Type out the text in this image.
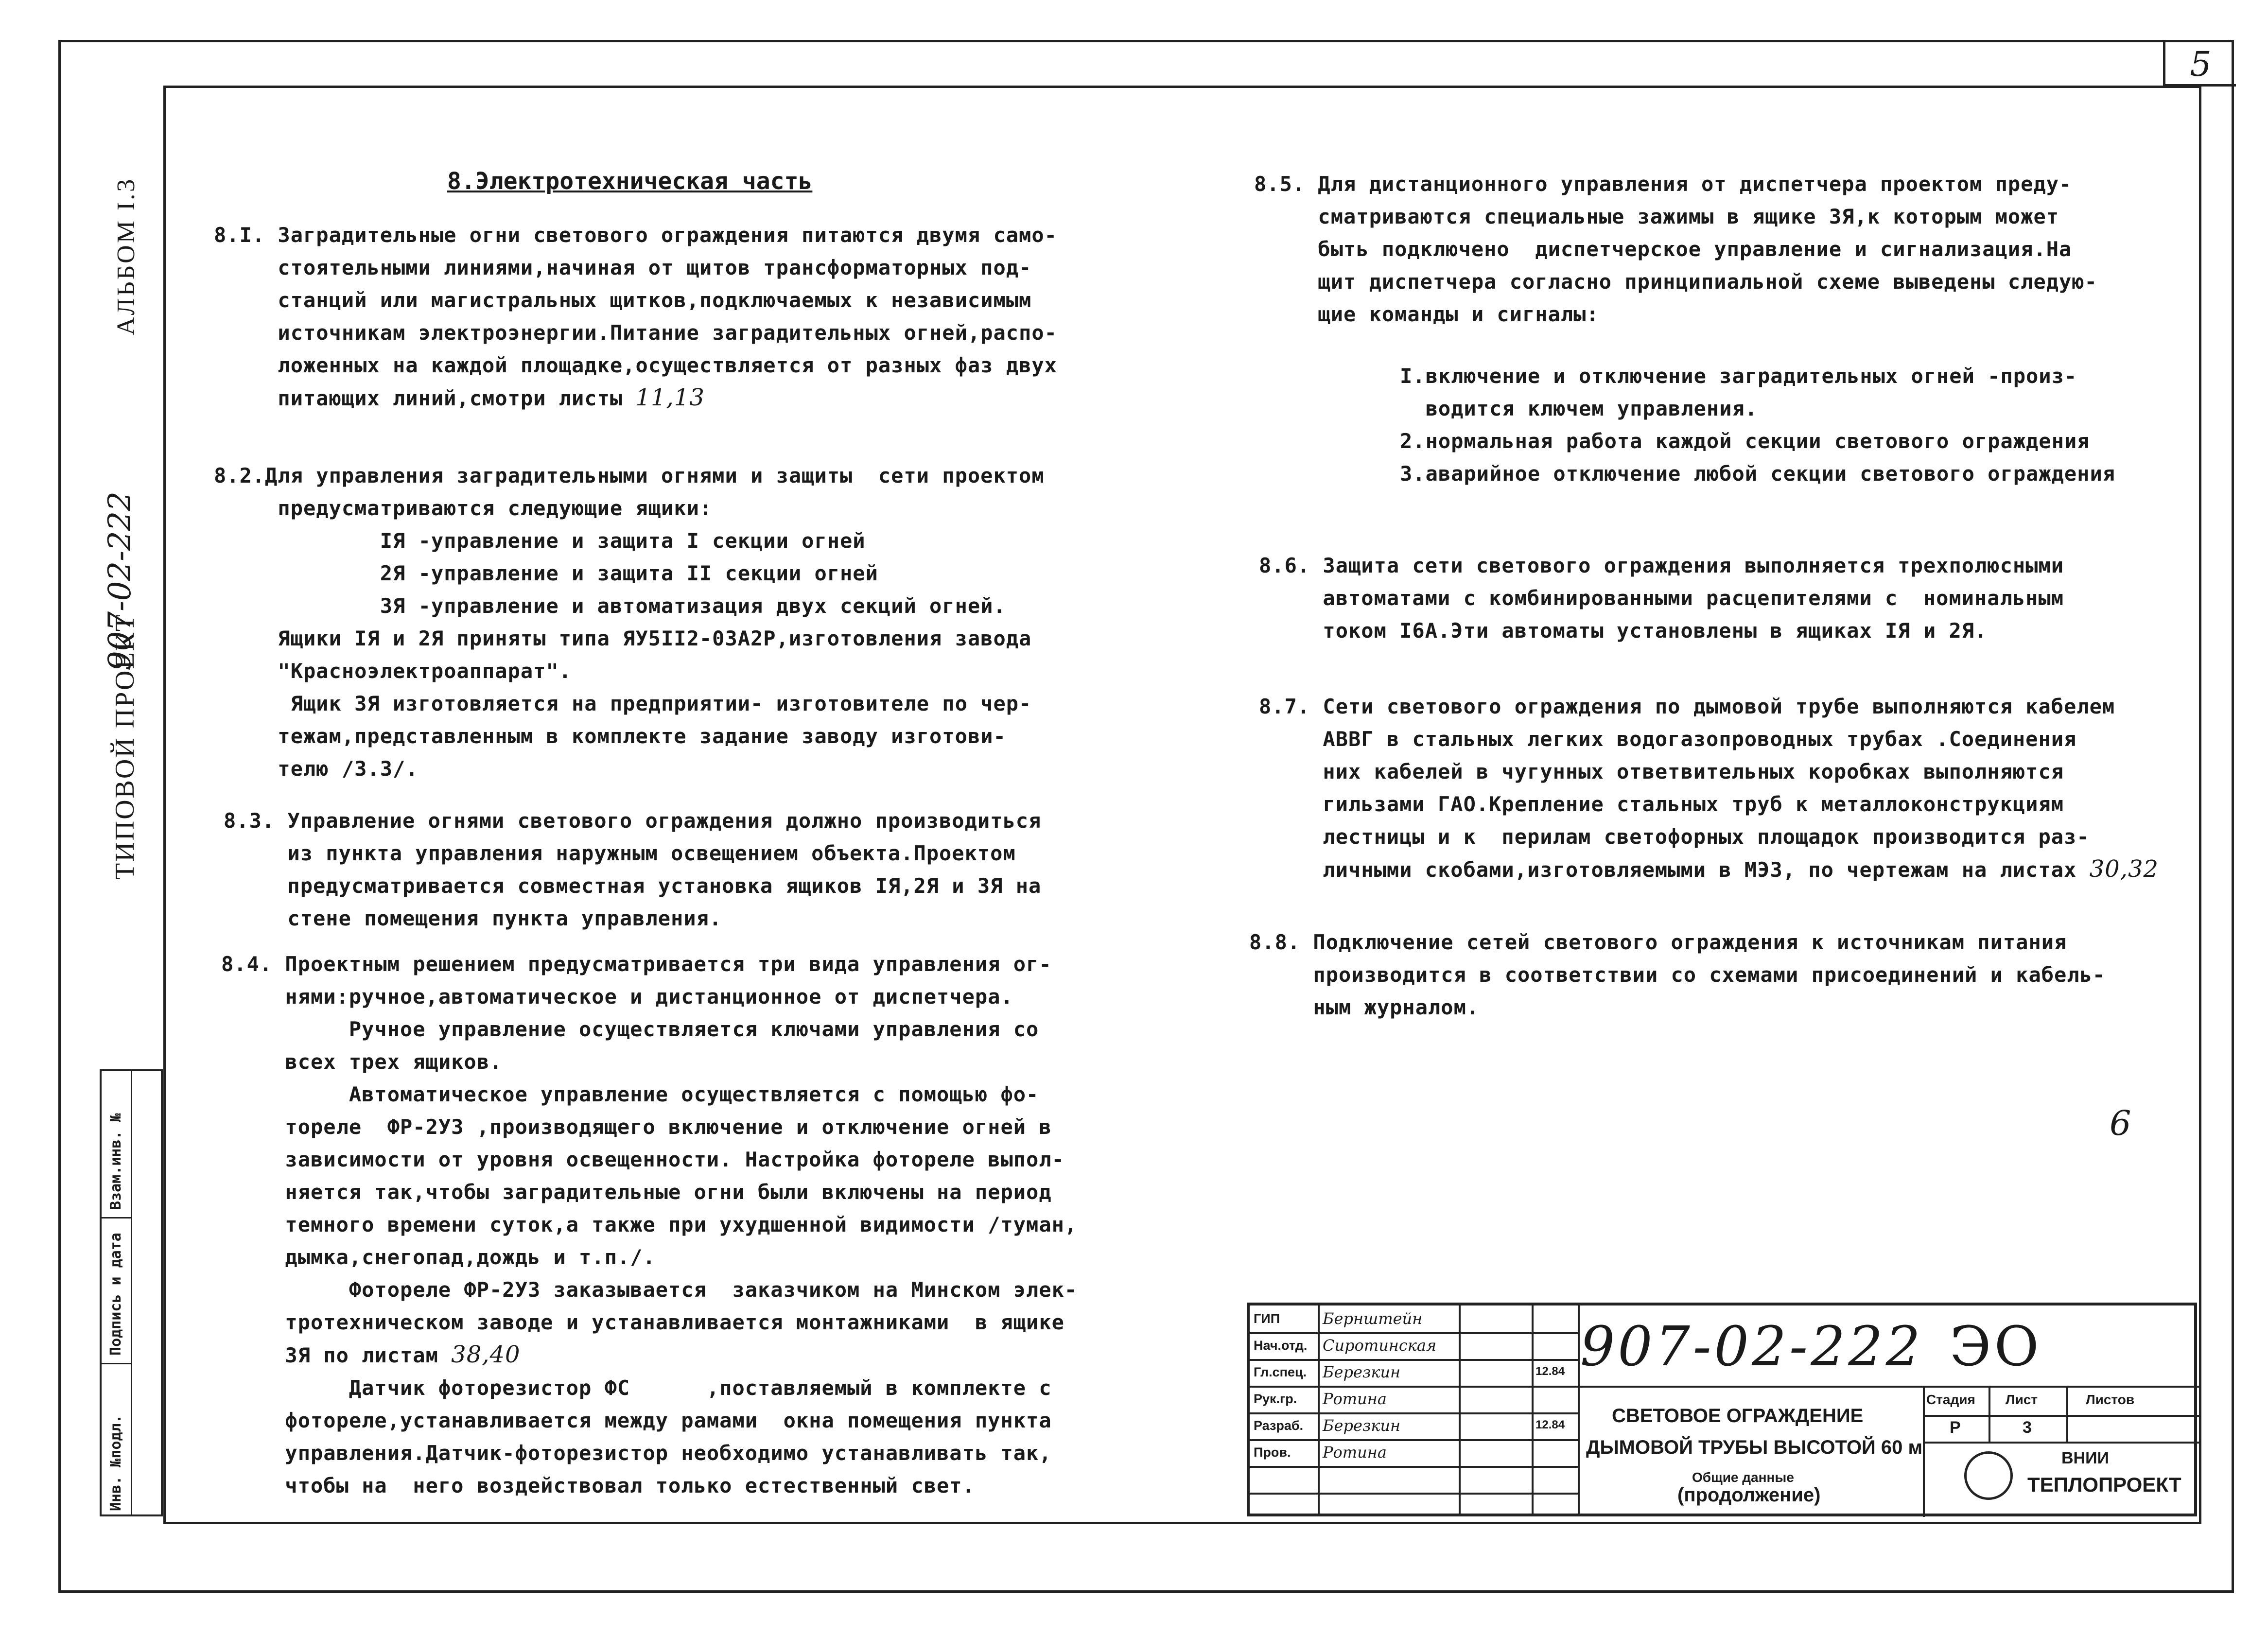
5
АЛЬБОМ I.3
907-02-222
ТИПОВОЙ ПРОЕКТ
Инв. №подл.
Подпись и дата
Взам.инв. №
8.Электротехническая часть
8.I. Заградительные огни светового ограждения питаются двумя само-
стоятельными линиями,начиная от щитов трансформаторных под-
станций или магистральных щитков,подключаемых к независимым
источникам электроэнергии.Питание заградительных огней,распо-
ложенных на каждой площадке,осуществляется от разных фаз двух
питающих линий,смотри листы 11,13
8.2.Для управления заградительными огнями и защиты  сети проектом
предусматриваются следующие ящики:
IЯ -управление и защита I секции огней
2Я -управление и защита II секции огней
3Я -управление и автоматизация двух секций огней.
Ящики IЯ и 2Я приняты типа ЯУ5II2-03А2Р,изготовления завода
"Красноэлектроаппарат".
Ящик 3Я изготовляется на предприятии- изготовителе по чер-
тежам,представленным в комплекте задание заводу изготови-
телю /3.3/.
8.3. Управление огнями светового ограждения должно производиться
из пункта управления наружным освещением объекта.Проектом
предусматривается совместная установка ящиков IЯ,2Я и 3Я на
стене помещения пункта управления.
8.4. Проектным решением предусматривается три вида управления ог-
нями:ручное,автоматическое и дистанционное от диспетчера.
Ручное управление осуществляется ключами управления со
всех трех ящиков.
Автоматическое управление осуществляется с помощью фо-
тореле  ФР-2УЗ ,производящего включение и отключение огней в
зависимости от уровня освещенности. Настройка фотореле выпол-
няется так,чтобы заградительные огни были включены на период
темного времени суток,а также при ухудшенной видимости /туман,
дымка,снегопад,дождь и т.п./.
Фотореле ФР-2УЗ заказывается  заказчиком на Минском элек-
тротехническом заводе и устанавливается монтажниками  в ящике
3Я по листам 38,40
Датчик фоторезистор ФС      ,поставляемый в комплекте с
фотореле,устанавливается между рамами  окна помещения пункта
управления.Датчик-фоторезистор необходимо устанавливать так,
чтобы на  него воздействовал только естественный свет.
8.5. Для дистанционного управления от диспетчера проектом преду-
сматриваются специальные зажимы в ящике 3Я,к которым может
быть подключено  диспетчерское управление и сигнализация.На
щит диспетчера согласно принципиальной схеме выведены следую-
щие команды и сигналы:
I.включение и отключение заградительных огней -произ-
водится ключем управления.
2.нормальная работа каждой секции светового ограждения
3.аварийное отключение любой секции светового ограждения
8.6. Защита сети светового ограждения выполняется трехполюсными
автоматами с комбинированными расцепителями с  номинальным
током I6А.Эти автоматы установлены в ящиках IЯ и 2Я.
8.7. Сети светового ограждения по дымовой трубе выполняются кабелем
АВВГ в стальных легких водогазопроводных трубах .Соединения
них кабелей в чугунных ответвительных коробках выполняются
гильзами ГАО.Крепление стальных труб к металлоконструкциям
лестницы и к  перилам светофорных площадок производится раз-
личными скобами,изготовляемыми в МЭЗ, по чертежам на листах 30,32
8.8. Подключение сетей светового ограждения к источникам питания
производится в соответствии со схемами присоединений и кабель-
ным журналом.
6
ГИП
Нач.отд.
Гл.спец.
Рук.гр.
Разраб.
Пров.
Бернштейн
Сиротинская
Березкин
Ротина
Березкин
Ротина
12.84
12.84
907-02-222 ЭО
СВЕТОВОЕ ОГРАЖДЕНИЕ
ДЫМОВОЙ ТРУБЫ ВЫСОТОЙ 60 м
Общие данные
(продолжение)
Стадия Лист	Листов
Р	3
ВНИИ
ТЕПЛОПРОЕКТ
